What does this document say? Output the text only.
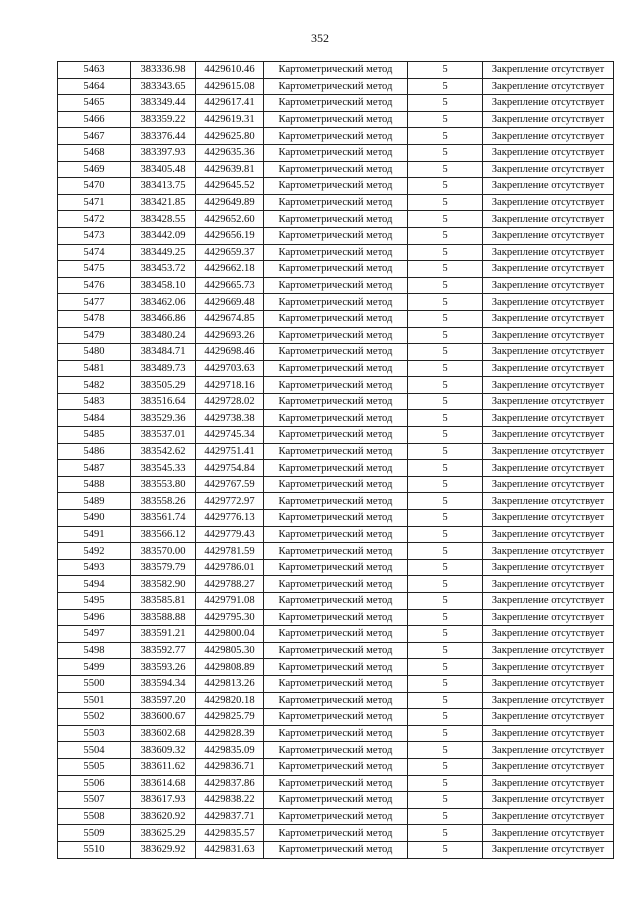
352
5463	383336.98	4429610.46	Картометрический метод	5	Закрепление отсутствует
5464	383343.65	4429615.08	Картометрический метод	5	Закрепление отсутствует
5465	383349.44	4429617.41	Картометрический метод	5	Закрепление отсутствует
5466	383359.22	4429619.31	Картометрический метод	5	Закрепление отсутствует
5467	383376.44	4429625.80	Картометрический метод	5	Закрепление отсутствует
5468	383397.93	4429635.36	Картометрический метод	5	Закрепление отсутствует
5469	383405.48	4429639.81	Картометрический метод	5	Закрепление отсутствует
5470	383413.75	4429645.52	Картометрический метод	5	Закрепление отсутствует
5471	383421.85	4429649.89	Картометрический метод	5	Закрепление отсутствует
5472	383428.55	4429652.60	Картометрический метод	5	Закрепление отсутствует
5473	383442.09	4429656.19	Картометрический метод	5	Закрепление отсутствует
5474	383449.25	4429659.37	Картометрический метод	5	Закрепление отсутствует
5475	383453.72	4429662.18	Картометрический метод	5	Закрепление отсутствует
5476	383458.10	4429665.73	Картометрический метод	5	Закрепление отсутствует
5477	383462.06	4429669.48	Картометрический метод	5	Закрепление отсутствует
5478	383466.86	4429674.85	Картометрический метод	5	Закрепление отсутствует
5479	383480.24	4429693.26	Картометрический метод	5	Закрепление отсутствует
5480	383484.71	4429698.46	Картометрический метод	5	Закрепление отсутствует
5481	383489.73	4429703.63	Картометрический метод	5	Закрепление отсутствует
5482	383505.29	4429718.16	Картометрический метод	5	Закрепление отсутствует
5483	383516.64	4429728.02	Картометрический метод	5	Закрепление отсутствует
5484	383529.36	4429738.38	Картометрический метод	5	Закрепление отсутствует
5485	383537.01	4429745.34	Картометрический метод	5	Закрепление отсутствует
5486	383542.62	4429751.41	Картометрический метод	5	Закрепление отсутствует
5487	383545.33	4429754.84	Картометрический метод	5	Закрепление отсутствует
5488	383553.80	4429767.59	Картометрический метод	5	Закрепление отсутствует
5489	383558.26	4429772.97	Картометрический метод	5	Закрепление отсутствует
5490	383561.74	4429776.13	Картометрический метод	5	Закрепление отсутствует
5491	383566.12	4429779.43	Картометрический метод	5	Закрепление отсутствует
5492	383570.00	4429781.59	Картометрический метод	5	Закрепление отсутствует
5493	383579.79	4429786.01	Картометрический метод	5	Закрепление отсутствует
5494	383582.90	4429788.27	Картометрический метод	5	Закрепление отсутствует
5495	383585.81	4429791.08	Картометрический метод	5	Закрепление отсутствует
5496	383588.88	4429795.30	Картометрический метод	5	Закрепление отсутствует
5497	383591.21	4429800.04	Картометрический метод	5	Закрепление отсутствует
5498	383592.77	4429805.30	Картометрический метод	5	Закрепление отсутствует
5499	383593.26	4429808.89	Картометрический метод	5	Закрепление отсутствует
5500	383594.34	4429813.26	Картометрический метод	5	Закрепление отсутствует
5501	383597.20	4429820.18	Картометрический метод	5	Закрепление отсутствует
5502	383600.67	4429825.79	Картометрический метод	5	Закрепление отсутствует
5503	383602.68	4429828.39	Картометрический метод	5	Закрепление отсутствует
5504	383609.32	4429835.09	Картометрический метод	5	Закрепление отсутствует
5505	383611.62	4429836.71	Картометрический метод	5	Закрепление отсутствует
5506	383614.68	4429837.86	Картометрический метод	5	Закрепление отсутствует
5507	383617.93	4429838.22	Картометрический метод	5	Закрепление отсутствует
5508	383620.92	4429837.71	Картометрический метод	5	Закрепление отсутствует
5509	383625.29	4429835.57	Картометрический метод	5	Закрепление отсутствует
5510	383629.92	4429831.63	Картометрический метод	5	Закрепление отсутствует
